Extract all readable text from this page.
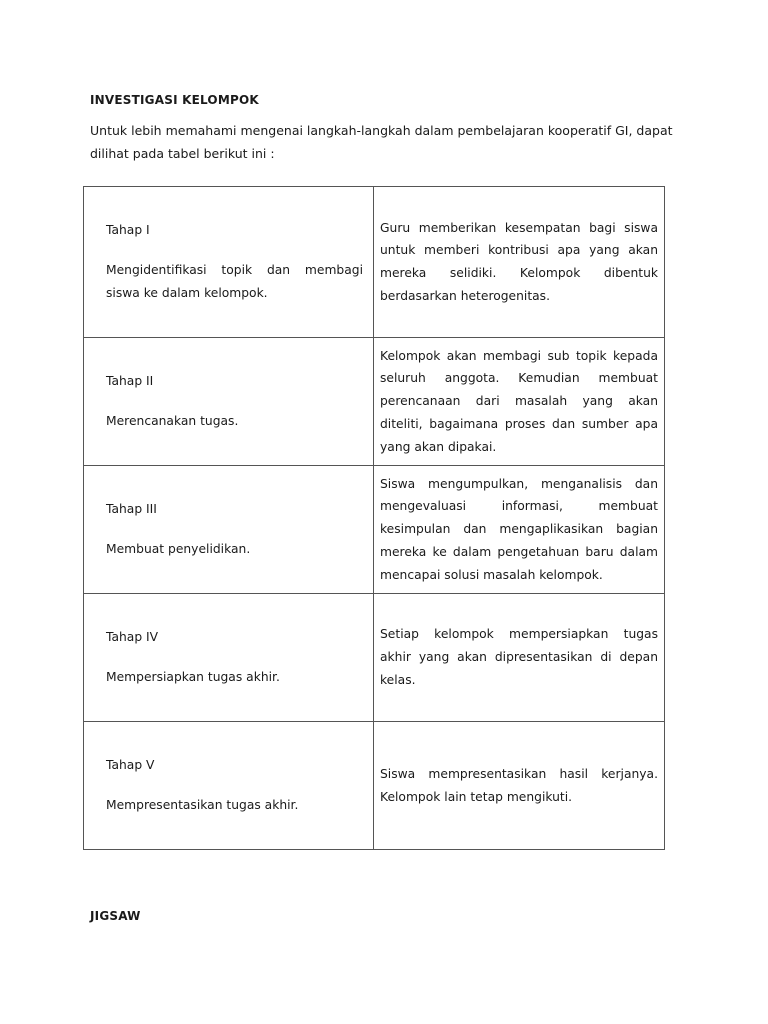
INVESTIGASI KELOMPOK

Untuk lebih memahami mengenai langkah-langkah dalam pembelajaran kooperatif GI, dapat dilihat pada tabel berikut ini :

Tahap I
Mengidentifikasi topik dan membagi siswa ke dalam kelompok.	Guru memberikan kesempatan bagi siswa untuk memberi kontribusi apa yang akan mereka selidiki. Kelompok dibentuk berdasarkan heterogenitas.

Tahap II
Merencanakan tugas.	Kelompok akan membagi sub topik kepada seluruh anggota. Kemudian membuat perencanaan dari masalah yang akan diteliti, bagaimana proses dan sumber apa yang akan dipakai.

Tahap III
Membuat penyelidikan.	Siswa mengumpulkan, menganalisis dan mengevaluasi informasi, membuat kesimpulan dan mengaplikasikan bagian mereka ke dalam pengetahuan baru dalam mencapai solusi masalah kelompok.

Tahap IV
Mempersiapkan tugas akhir.	Setiap kelompok mempersiapkan tugas akhir yang akan dipresentasikan di depan kelas.

Tahap V
Mempresentasikan tugas akhir.	Siswa mempresentasikan hasil kerjanya. Kelompok lain tetap mengikuti.
JIGSAW
